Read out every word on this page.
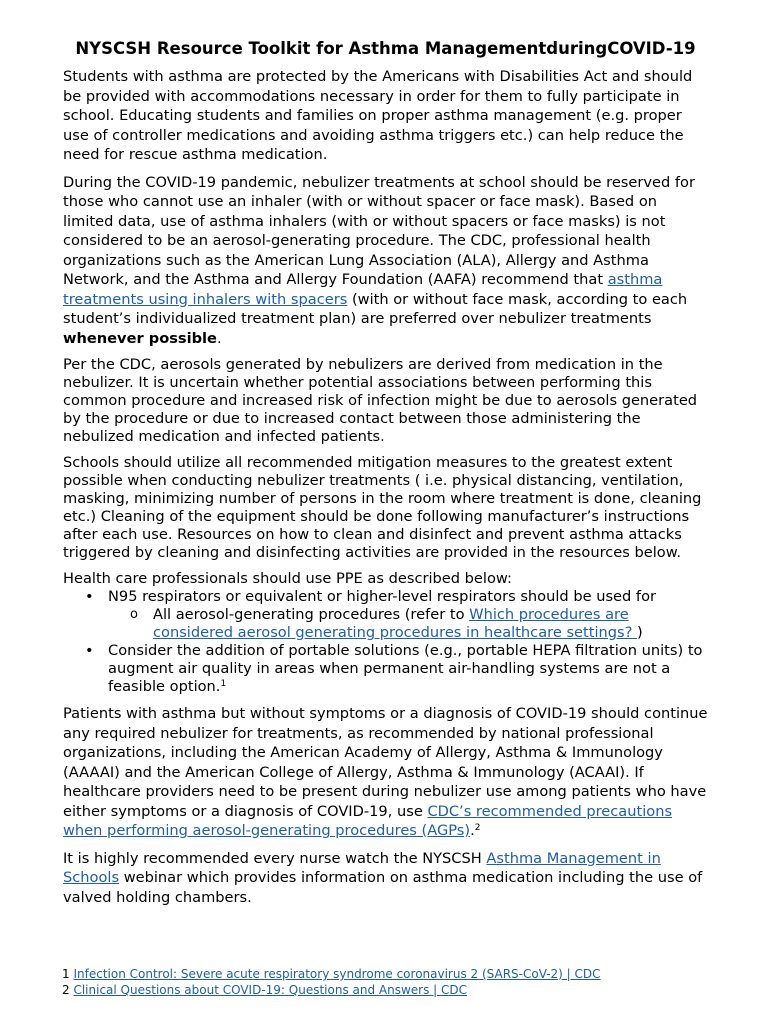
NYSCSH Resource Toolkit for Asthma ManagementduringCOVID-19

Students with asthma are protected by the Americans with Disabilities Act and should be provided with accommodations necessary in order for them to fully participate in school. Educating students and families on proper asthma management (e.g. proper use of controller medications and avoiding asthma triggers etc.) can help reduce the need for rescue asthma medication.

During the COVID-19 pandemic, nebulizer treatments at school should be reserved for those who cannot use an inhaler (with or without spacer or face mask). Based on limited data, use of asthma inhalers (with or without spacers or face masks) is not considered to be an aerosol-generating procedure. The CDC, professional health organizations such as the American Lung Association (ALA), Allergy and Asthma Network, and the Asthma and Allergy Foundation (AAFA) recommend that asthma treatments using inhalers with spacers (with or without face mask, according to each student’s individualized treatment plan) are preferred over nebulizer treatments whenever possible.

Per the CDC, aerosols generated by nebulizers are derived from medication in the nebulizer. It is uncertain whether potential associations between performing this common procedure and increased risk of infection might be due to aerosols generated by the procedure or due to increased contact between those administering the nebulized medication and infected patients.

Schools should utilize all recommended mitigation measures to the greatest extent possible when conducting nebulizer treatments ( i.e. physical distancing, ventilation, masking, minimizing number of persons in the room where treatment is done, cleaning etc.) Cleaning of the equipment should be done following manufacturer’s instructions after each use. Resources on how to clean and disinfect and prevent asthma attacks triggered by cleaning and disinfecting activities are provided in the resources below.

Health care professionals should use PPE as described below:

• N95 respirators or equivalent or higher-level respirators should be used for
o All aerosol-generating procedures (refer to Which procedures are considered aerosol generating procedures in healthcare settings? )
• Consider the addition of portable solutions (e.g., portable HEPA filtration units) to augment air quality in areas when permanent air-handling systems are not a feasible option.$^1$

Patients with asthma but without symptoms or a diagnosis of COVID-19 should continue any required nebulizer for treatments, as recommended by national professional organizations, including the American Academy of Allergy, Asthma & Immunology (AAAAI) and the American College of Allergy, Asthma & Immunology (ACAAI). If healthcare providers need to be present during nebulizer use among patients who have either symptoms or a diagnosis of COVID-19, use CDC’s recommended precautions when performing aerosol-generating procedures (AGPs).$^2$

It is highly recommended every nurse watch the NYSCSH Asthma Management in Schools webinar which provides information on asthma medication including the use of valved holding chambers.

1 Infection Control: Severe acute respiratory syndrome coronavirus 2 (SARS-CoV-2) | CDC
2 Clinical Questions about COVID-19: Questions and Answers | CDC
